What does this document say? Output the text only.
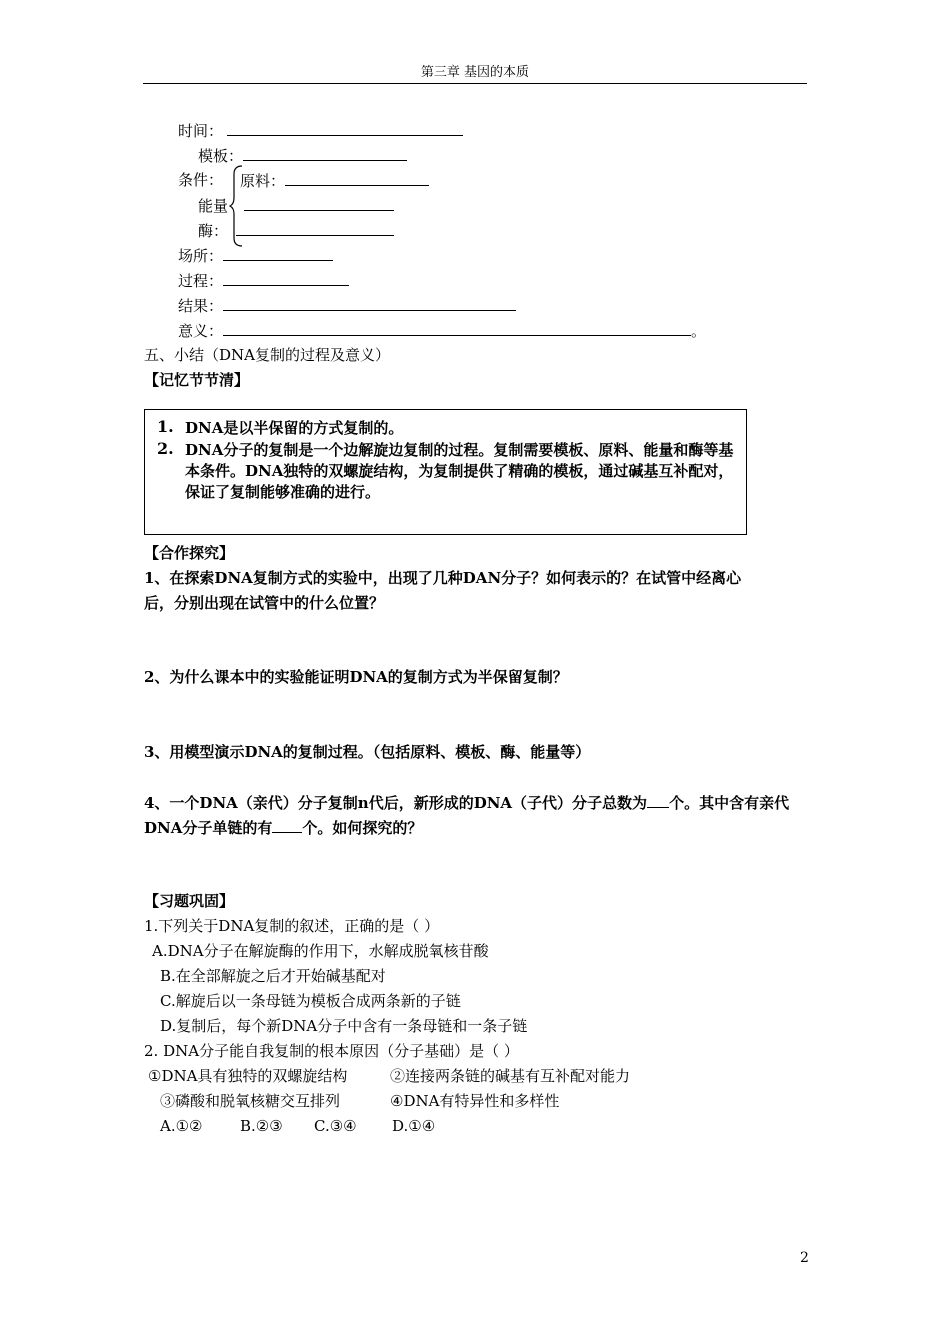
第三章 基因的本质
时间：
模板：
条件： 原料：
能量
酶：
场所：
过程：
结果：
意义：	。
五、小结（DNA复制的过程及意义）
【记忆节节清】
1. DNA是以半保留的方式复制的。
2. DNA分子的复制是一个边解旋边复制的过程。复制需要模板、原料、能量和酶等基本条件。DNA独特的双螺旋结构，为复制提供了精确的模板，通过碱基互补配对，保证了复制能够准确的进行。
【合作探究】
1、在探索DNA复制方式的实验中，出现了几种DAN分子？如何表示的？在试管中经离心
后，分别出现在试管中的什么位置？
2、为什么课本中的实验能证明DNA的复制方式为半保留复制？
3、用模型演示DNA的复制过程。（包括原料、模板、酶、能量等）
4、一个DNA（亲代）分子复制n代后，新形成的DNA（子代）分子总数为 个。其中含有亲代
DNA分子单链的有 个。如何探究的？
【习题巩固】
1.下列关于DNA复制的叙述，正确的是（ ）
A.DNA分子在解旋酶的作用下，水解成脱氧核苷酸
B.在全部解旋之后才开始碱基配对
C.解旋后以一条母链为模板合成两条新的子链
D.复制后，每个新DNA分子中含有一条母链和一条子链
2. DNA分子能自我复制的根本原因（分子基础）是（ ）
①DNA具有独特的双螺旋结构	②连接两条链的碱基有互补配对能力
③磷酸和脱氧核糖交互排列	④DNA有特异性和多样性
A.①②	B.②③ C.③④ D.①④
2
